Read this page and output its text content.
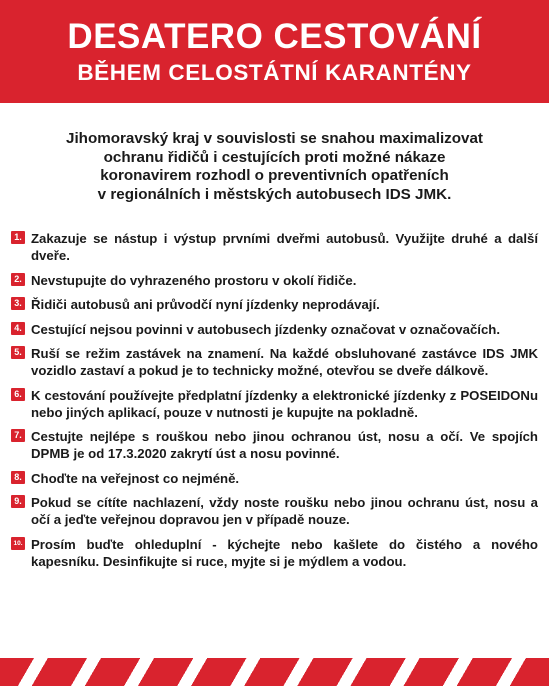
DESATERO CESTOVÁNÍ
BĚHEM CELOSTÁTNÍ KARANTÉNY
Jihomoravský kraj v souvislosti se snahou maximalizovat
ochranu řidičů i cestujících proti možné nákaze
koronavirem rozhodl o preventivních opatřeních
v regionálních i městských autobusech IDS JMK.
1. Zakazuje se nástup i výstup prvními dveřmi autobusů. Využijte druhé a další dveře.
2. Nevstupujte do vyhrazeného prostoru v okolí řidiče.
3. Řidiči autobusů ani průvodčí nyní jízdenky neprodávají.
4. Cestující nejsou povinni v autobusech jízdenky označovat v označovačích.
5. Ruší se režim zastávek na znamení. Na každé obsluhované zastávce IDS JMK vozidlo zastaví a pokud je to technicky možné, otevřou se dveře dálkově.
6. K cestování používejte předplatní jízdenky a elektronické jízdenky z POSEIDONu nebo jiných aplikací, pouze v nutnosti je kupujte na pokladně.
7. Cestujte nejlépe s rouškou nebo jinou ochranou úst, nosu a očí. Ve spojích DPMB je od 17.3.2020 zakrytí úst a nosu povinné.
8. Choďte na veřejnost co nejméně.
9. Pokud se cítíte nachlazení, vždy noste roušku nebo jinou ochranu úst, nosu a očí a jeďte veřejnou dopravou jen v případě nouze.
10. Prosím buďte ohleduplní - kýchejte nebo kašlete do čistého a nového kapesníku. Desinfikujte si ruce, myjte si je mýdlem a vodou.
